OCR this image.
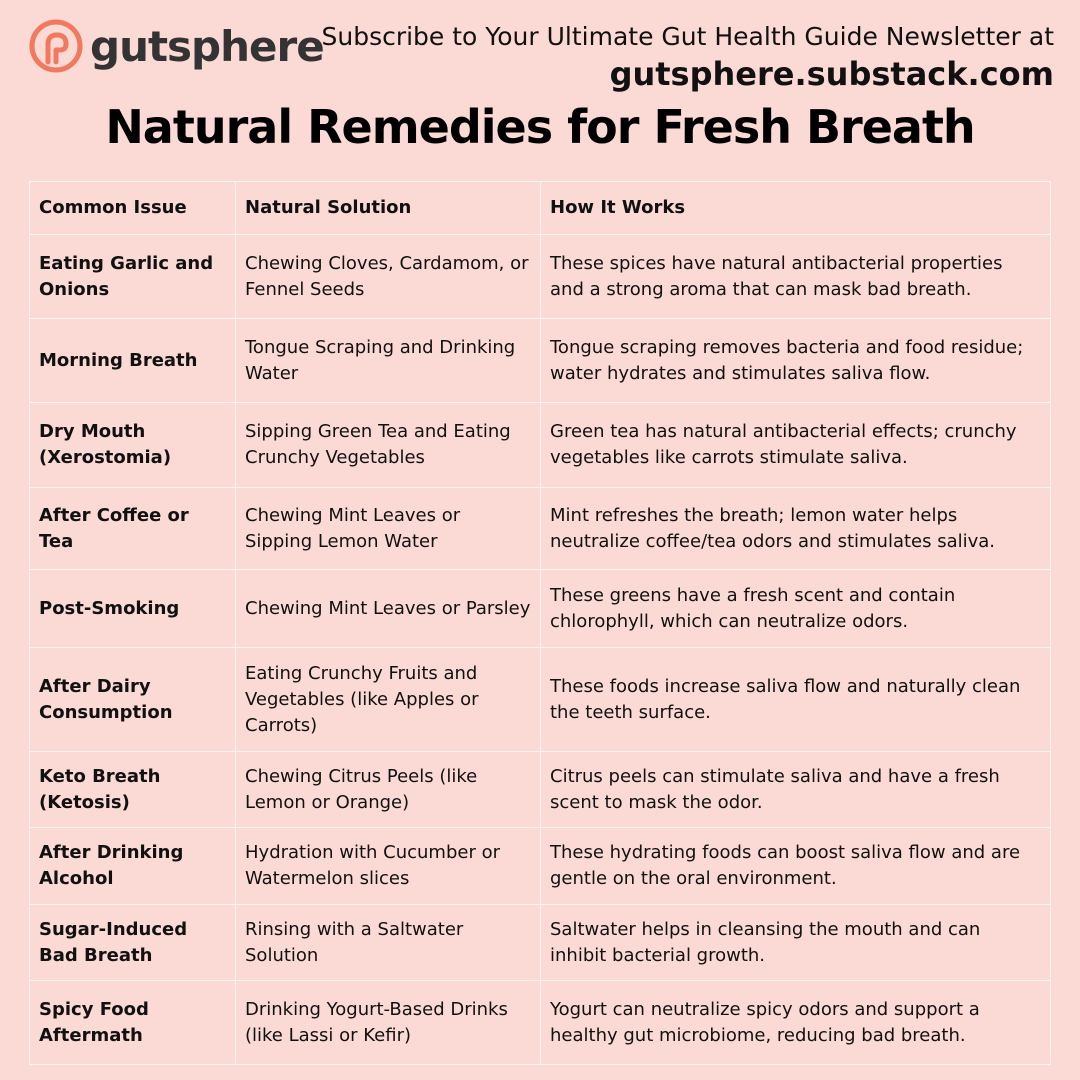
gutsphere
Subscribe to Your Ultimate Gut Health Guide Newsletter at
gutsphere.substack.com
Natural Remedies for Fresh Breath
Common Issue	Natural Solution	How It Works
Eating Garlic and Onions	Chewing Cloves, Cardamom, or Fennel Seeds	These spices have natural antibacterial properties and a strong aroma that can mask bad breath.
Morning Breath	Tongue Scraping and Drinking Water	Tongue scraping removes bacteria and food residue; water hydrates and stimulates saliva flow.
Dry Mouth (Xerostomia)	Sipping Green Tea and Eating Crunchy Vegetables	Green tea has natural antibacterial effects; crunchy vegetables like carrots stimulate saliva.
After Coffee or Tea	Chewing Mint Leaves or Sipping Lemon Water	Mint refreshes the breath; lemon water helps neutralize coffee/tea odors and stimulates saliva.
Post-Smoking	Chewing Mint Leaves or Parsley	These greens have a fresh scent and contain chlorophyll, which can neutralize odors.
After Dairy Consumption	Eating Crunchy Fruits and Vegetables (like Apples or Carrots)	These foods increase saliva flow and naturally clean the teeth surface.
Keto Breath (Ketosis)	Chewing Citrus Peels (like Lemon or Orange)	Citrus peels can stimulate saliva and have a fresh scent to mask the odor.
After Drinking Alcohol	Hydration with Cucumber or Watermelon slices	These hydrating foods can boost saliva flow and are gentle on the oral environment.
Sugar-Induced Bad Breath	Rinsing with a Saltwater Solution	Saltwater helps in cleansing the mouth and can inhibit bacterial growth.
Spicy Food Aftermath	Drinking Yogurt-Based Drinks (like Lassi or Kefir)	Yogurt can neutralize spicy odors and support a healthy gut microbiome, reducing bad breath.
